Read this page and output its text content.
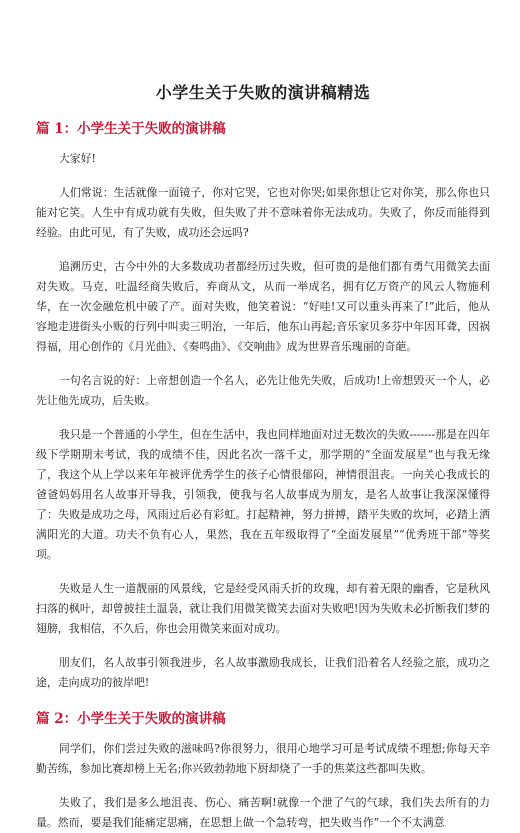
小学生关于失败的演讲稿精选
篇 1：小学生关于失败的演讲稿

大家好!

人们常说：生活就像一面镜子，你对它哭，它也对你哭;如果你想让它对你笑，那么你也只能对它笑。人生中有成功就有失败，但失败了并不意味着你无法成功。失败了，你反而能得到经验。由此可见，有了失败，成功还会远吗?

追溯历史，古今中外的大多数成功者都经历过失败，但可贵的是他们都有勇气用微笑去面对失败。马克，吐温经商失败后，弃商从文，从而一举成名，拥有亿万资产的风云人物施利华，在一次金融危机中破了产。面对失败，他笑着说：“好哇!又可以重头再来了!”此后，他从容地走进街头小贩的行列中叫卖三明治，一年后，他东山再起;音乐家贝多芬中年因耳聋，因祸得福，用心创作的《月光曲》、《奏鸣曲》、《交响曲》成为世界音乐瑰丽的奇葩。

一句名言说的好：上帝想创造一个名人，必先让他先失败，后成功!上帝想毁灭一个人，必先让他先成功，后失败。

我只是一个普通的小学生，但在生活中，我也同样地面对过无数次的失败-------那是在四年级下学期期末考试，我的成绩不佳，因此名次一落千丈，那学期的“全面发展星”也与我无缘了，我这个从上学以来年年被评优秀学生的孩子心情很郁闷，神情很沮丧。一向关心我成长的爸爸妈妈用名人故事开导我，引领我，使我与名人故事成为朋友，是名人故事让我深深懂得了：失败是成功之母，风雨过后必有彩虹。打起精神，努力拼搏，踏平失败的坎坷，必踏上洒满阳光的大道。功夫不负有心人，果然，我在五年级取得了“全面发展星”“优秀班干部”等奖项。

失败是人生一道靓丽的风景线，它是经受风雨夭折的玫瑰，却有着无限的幽香，它是秋风扫落的枫叶，却曾披挂土温袅，就让我们用微笑微笑去面对失败吧!因为失败未必折断我们梦的翅膀，我相信，不久后，你也会用微笑来面对成功。

朋友们，名人故事引领我进步，名人故事激励我成长，让我们沿着名人经验之旅，成功之途，走向成功的彼岸吧!

篇 2：小学生关于失败的演讲稿

同学们，你们尝过失败的滋味吗?你很努力，很用心地学习可是考试成绩不理想;你每天辛勤苦练，参加比赛却榜上无名;你兴致勃勃地下厨却烧了一手的焦菜这些都叫失败。

失败了，我们是多么地沮丧、伤心、痛苦啊!就像一个泄了气的气球，我们失去所有的力量。然而，要是我们能痛定思痛，在思想上做一个急转弯，把失败当作”一个不太满意
